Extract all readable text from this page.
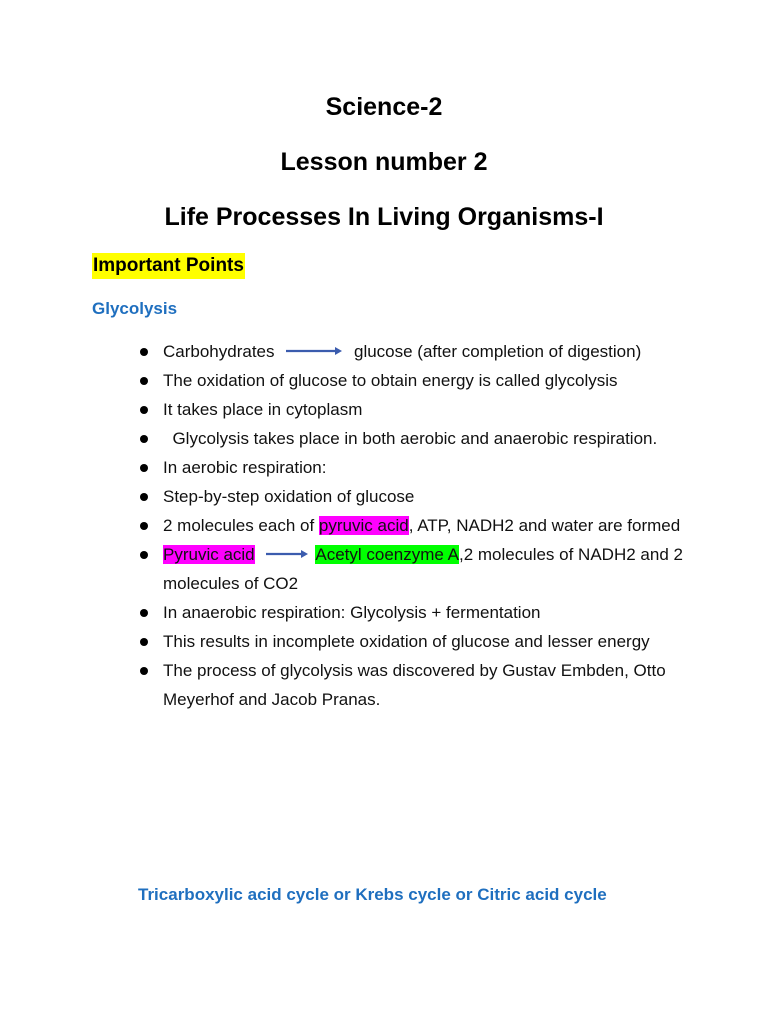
Science-2
Lesson number 2
Life Processes In Living Organisms-I
Important Points
Glycolysis
Carbohydrates	glucose (after completion of digestion)
The oxidation of glucose to obtain energy is called glycolysis
It takes place in cytoplasm
Glycolysis takes place in both aerobic and anaerobic respiration.
In aerobic respiration:
Step-by-step oxidation of glucose
2 molecules each of pyruvic acid, ATP, NADH2 and water are formed
Pyruvic acid	Acetyl coenzyme A,2 molecules of NADH2 and 2 molecules of CO2
In anaerobic respiration: Glycolysis + fermentation
This results in incomplete oxidation of glucose and lesser energy
The process of glycolysis was discovered by Gustav Embden, Otto Meyerhof and Jacob Pranas.
Tricarboxylic acid cycle or Krebs cycle or Citric acid cycle
